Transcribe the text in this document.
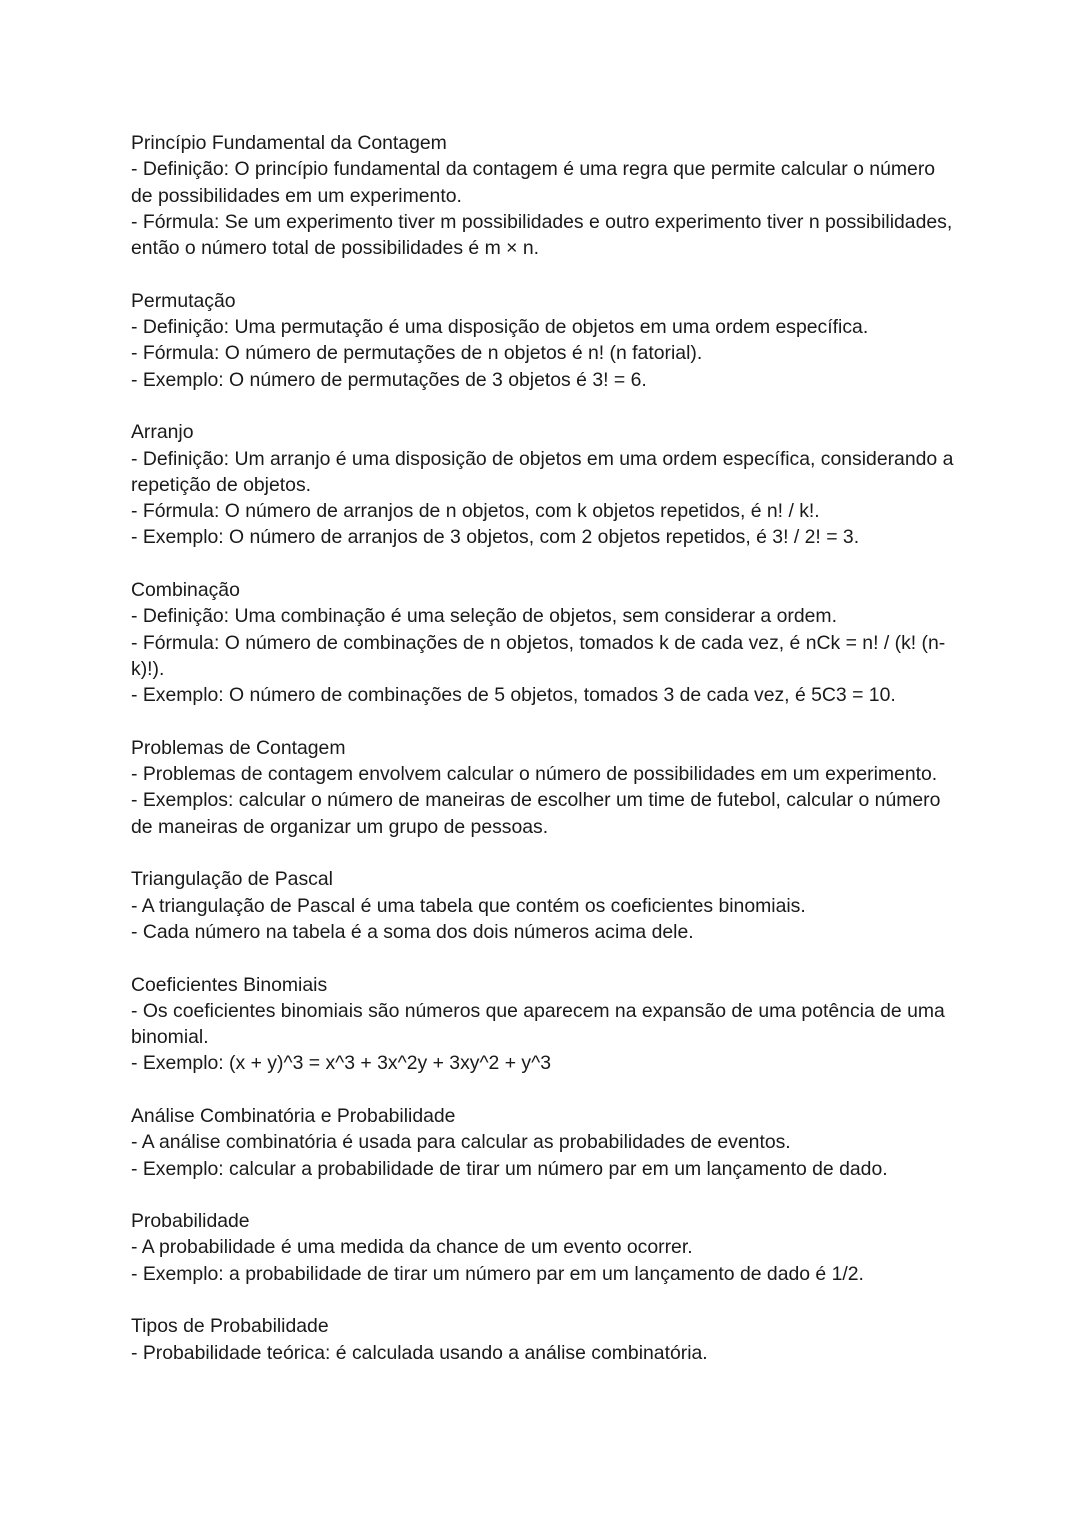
Princípio Fundamental da Contagem

- Definição: O princípio fundamental da contagem é uma regra que permite calcular o número de possibilidades em um experimento.

- Fórmula: Se um experimento tiver m possibilidades e outro experimento tiver n possibilidades, então o número total de possibilidades é m × n.

Permutação

- Definição: Uma permutação é uma disposição de objetos em uma ordem específica.

- Fórmula: O número de permutações de n objetos é n! (n fatorial).

- Exemplo: O número de permutações de 3 objetos é 3! = 6.

Arranjo

- Definição: Um arranjo é uma disposição de objetos em uma ordem específica, considerando a repetição de objetos.

- Fórmula: O número de arranjos de n objetos, com k objetos repetidos, é n! / k!.

- Exemplo: O número de arranjos de 3 objetos, com 2 objetos repetidos, é 3! / 2! = 3.

Combinação

- Definição: Uma combinação é uma seleção de objetos, sem considerar a ordem.

- Fórmula: O número de combinações de n objetos, tomados k de cada vez, é nCk = n! / (k! (n-k)!).

- Exemplo: O número de combinações de 5 objetos, tomados 3 de cada vez, é 5C3 = 10.

Problemas de Contagem

- Problemas de contagem envolvem calcular o número de possibilidades em um experimento.

- Exemplos: calcular o número de maneiras de escolher um time de futebol, calcular o número de maneiras de organizar um grupo de pessoas.

Triangulação de Pascal

- A triangulação de Pascal é uma tabela que contém os coeficientes binomiais.

- Cada número na tabela é a soma dos dois números acima dele.

Coeficientes Binomiais

- Os coeficientes binomiais são números que aparecem na expansão de uma potência de uma binomial.

- Exemplo: (x + y)^3 = x^3 + 3x^2y + 3xy^2 + y^3

Análise Combinatória e Probabilidade

- A análise combinatória é usada para calcular as probabilidades de eventos.

- Exemplo: calcular a probabilidade de tirar um número par em um lançamento de dado.

Probabilidade

- A probabilidade é uma medida da chance de um evento ocorrer.

- Exemplo: a probabilidade de tirar um número par em um lançamento de dado é 1/2.

Tipos de Probabilidade

- Probabilidade teórica: é calculada usando a análise combinatória.
